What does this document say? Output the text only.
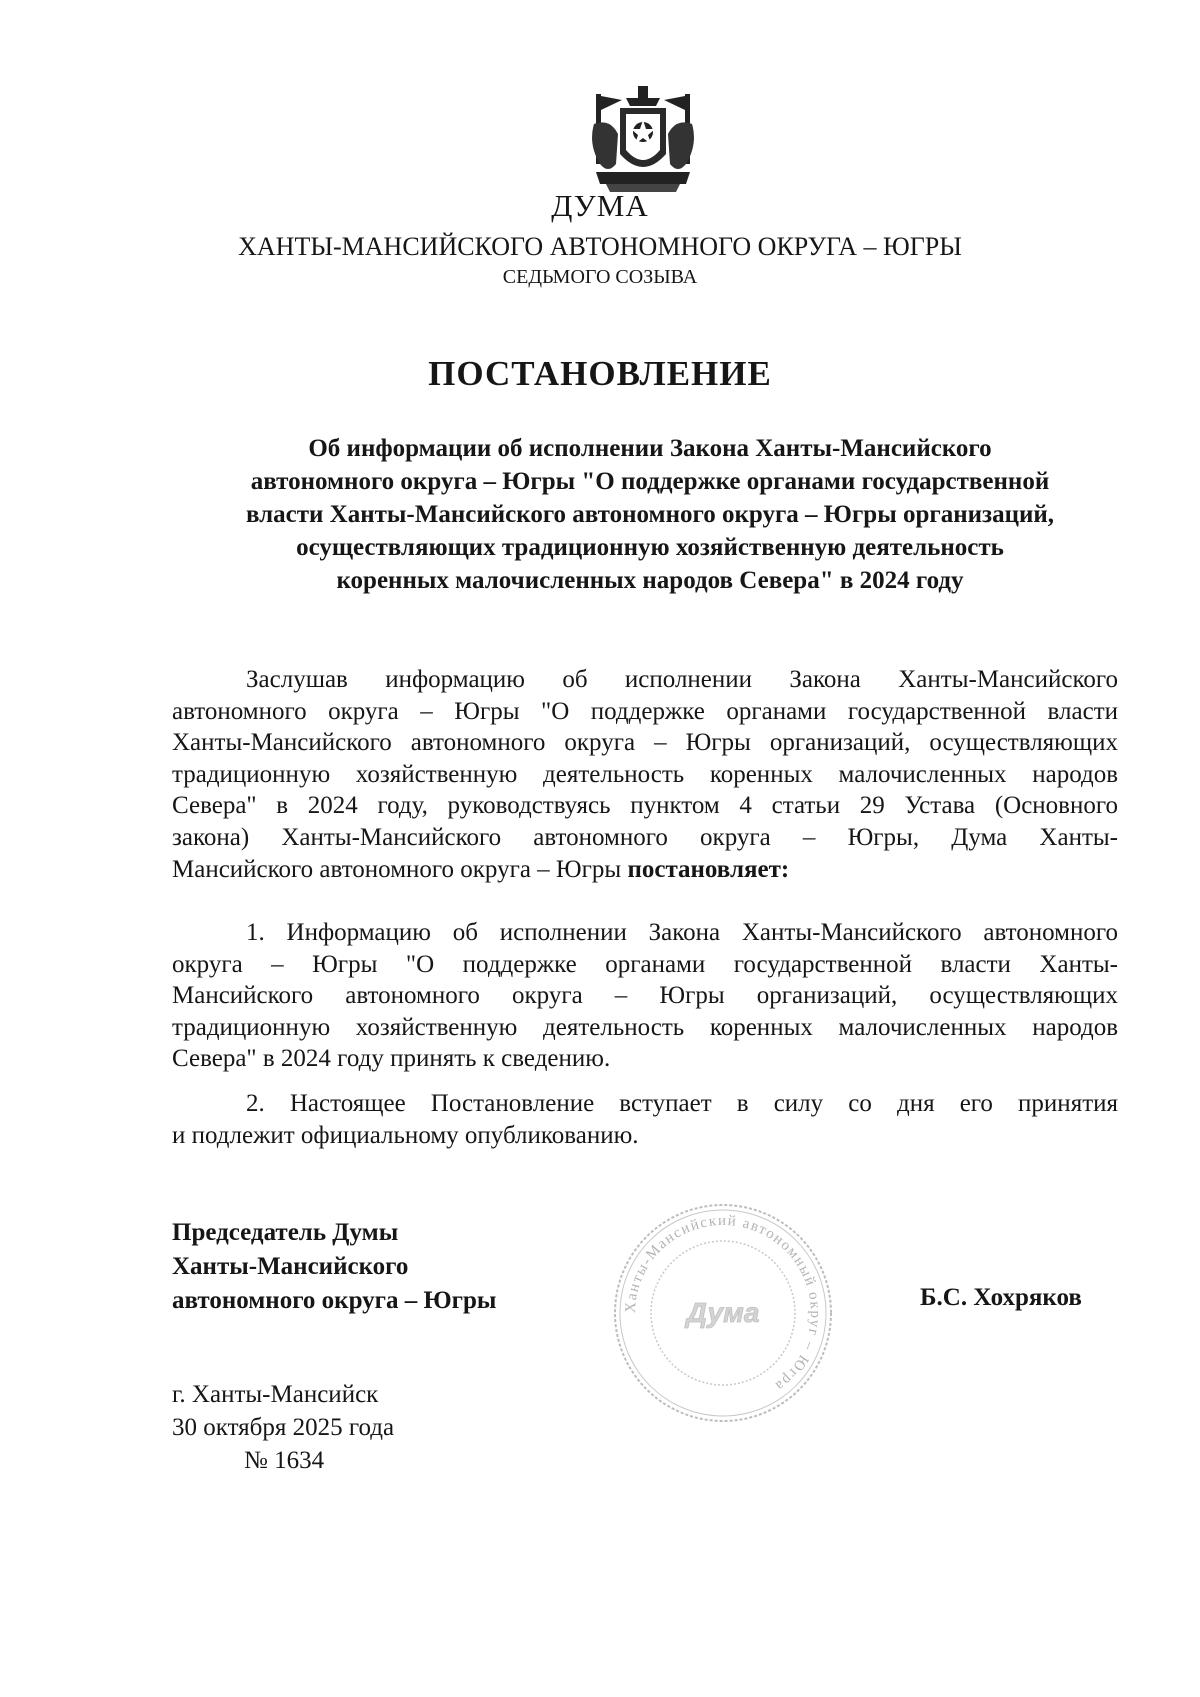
ДУМА
ХАНТЫ-МАНСИЙСКОГО АВТОНОМНОГО ОКРУГА – ЮГРЫ
СЕДЬМОГО СОЗЫВА
ПОСТАНОВЛЕНИЕ
Об информации об исполнении Закона Ханты-Мансийского
автономного округа – Югры "О поддержке органами государственной
власти Ханты-Мансийского автономного округа – Югры организаций,
осуществляющих традиционную хозяйственную деятельность
коренных малочисленных народов Севера" в 2024 году
Заслушав информацию об исполнении Закона Ханты-Мансийского
автономного округа – Югры "О поддержке органами государственной власти
Ханты-Мансийского автономного округа – Югры организаций, осуществляющих
традиционную хозяйственную деятельность коренных малочисленных народов
Севера" в 2024 году, руководствуясь пунктом 4 статьи 29 Устава (Основного
закона) Ханты-Мансийского автономного округа – Югры, Дума Ханты-
Мансийского автономного округа – Югры постановляет:
1. Информацию об исполнении Закона Ханты-Мансийского автономного
округа – Югры "О поддержке органами государственной власти Ханты-
Мансийского автономного округа – Югры организаций, осуществляющих
традиционную хозяйственную деятельность коренных малочисленных народов
Севера" в 2024 году принять к сведению.
2. Настоящее Постановление вступает в силу со дня его принятия
и подлежит официальному опубликованию.
Председатель Думы
Ханты-Мансийского
автономного округа – Югры	Ханты-Мансийский автономный округ – Югра
Дума	Б.С. Хохряков
г. Ханты-Мансийск
30 октября 2025 года
№ 1634
